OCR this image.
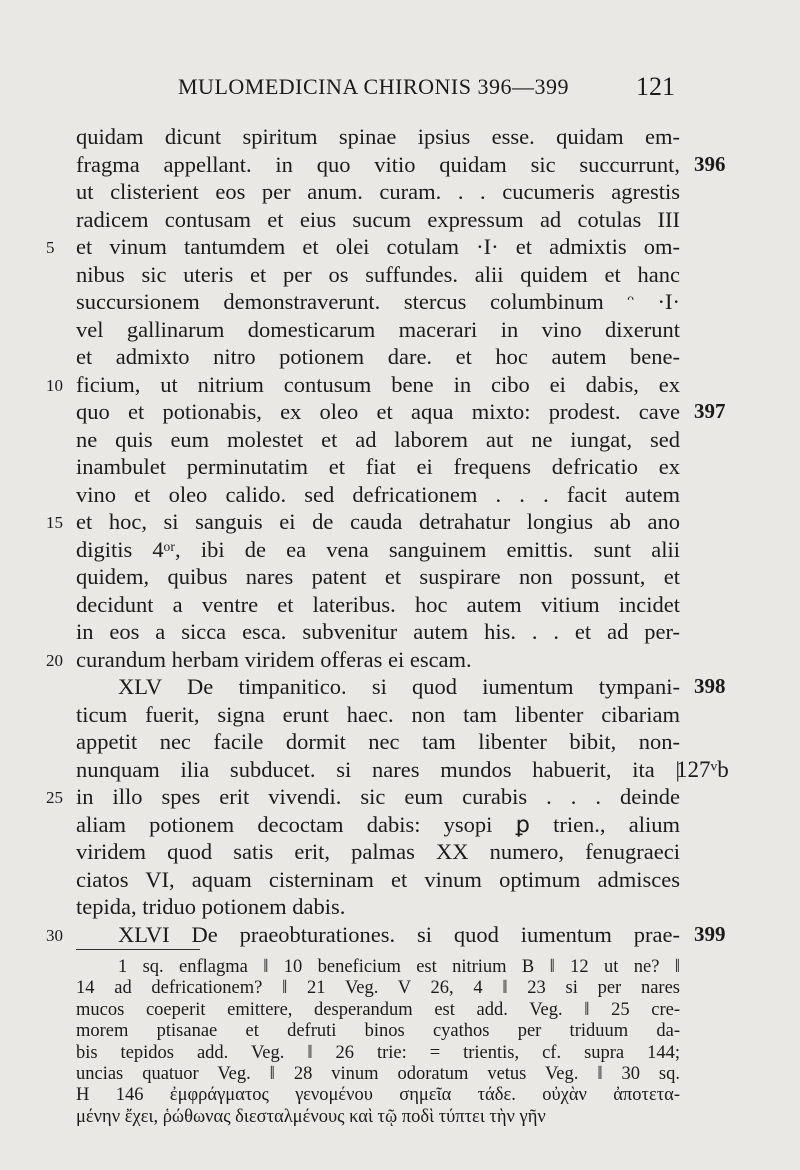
MULOMEDICINA CHIRONIS 396—399	121
quidam dicunt spiritum spinae ipsius esse. quidam em-
fragma appellant. in quo vitio quidam sic succurrunt, 396
ut clisterient eos per anum. curam. . . cucumeris agrestis
radicem contusam et eius sucum expressum ad cotulas III
5 et vinum tantumdem et olei cotulam ·I· et admixtis om-
nibus sic uteris et per os suffundes. alii quidem et hanc
succursionem demonstraverunt. stercus columbinum ᵔ ·I·
vel gallinarum domesticarum macerari in vino dixerunt
et admixto nitro potionem dare. et hoc autem bene-
10 ficium, ut nitrium contusum bene in cibo ei dabis, ex
quo et potionabis, ex oleo et aqua mixto: prodest. cave 397
ne quis eum molestet et ad laborem aut ne iungat, sed
inambulet perminutatim et fiat ei frequens defricatio ex
vino et oleo calido. sed defricationem . . . facit autem
15 et hoc, si sanguis ei de cauda detrahatur longius ab ano
digitis 4ᵒʳ, ibi de ea vena sanguinem emittis. sunt alii
quidem, quibus nares patent et suspirare non possunt, et
decidunt a ventre et lateribus. hoc autem vitium incidet
in eos a sicca esca. subvenitur autem his. . . et ad per-
20 curandum herbam viridem offeras ei escam.
XLV De timpanitico. si quod iumentum tympani- 398
ticum fuerit, signa erunt haec. non tam libenter cibariam
appetit nec facile dormit nec tam libenter bibit, non-
nunquam ilia subducet. si nares mundos habuerit, ita |
127ᵛb
25 in illo spes erit vivendi. sic eum curabis . . . deinde
aliam potionem decoctam dabis: ysopi ꝑ trien., alium
viridem quod satis erit, palmas XX numero, fenugraeci
ciatos VI, aquam cisterninam et vinum optimum admisces
tepida, triduo potionem dabis.
30	XLVI De praeobturationes. si quod iumentum prae- 399
1 sq. enflagma ‖ 10 beneficium est nitrium B ‖ 12 ut ne? ‖
14 ad defricationem? ‖ 21 Veg. V 26, 4 ‖ 23 si per nares
mucos coeperit emittere, desperandum est add. Veg. ‖ 25 cre-
morem ptisanae et defruti binos cyathos per triduum da-
bis tepidos add. Veg. ‖ 26 trie: = trientis, cf. supra 144;
uncias quatuor Veg. ‖ 28 vinum odoratum vetus Veg. ‖ 30 sq.
H 146 ἐμφράγματος γενομένου σημεῖα τάδε. οὐχὰν ἀποτετα-
μένην ἔχει, ῥώθωνας διεσταλμένους καὶ τῷ ποδὶ τύπτει τὴν γῆν
